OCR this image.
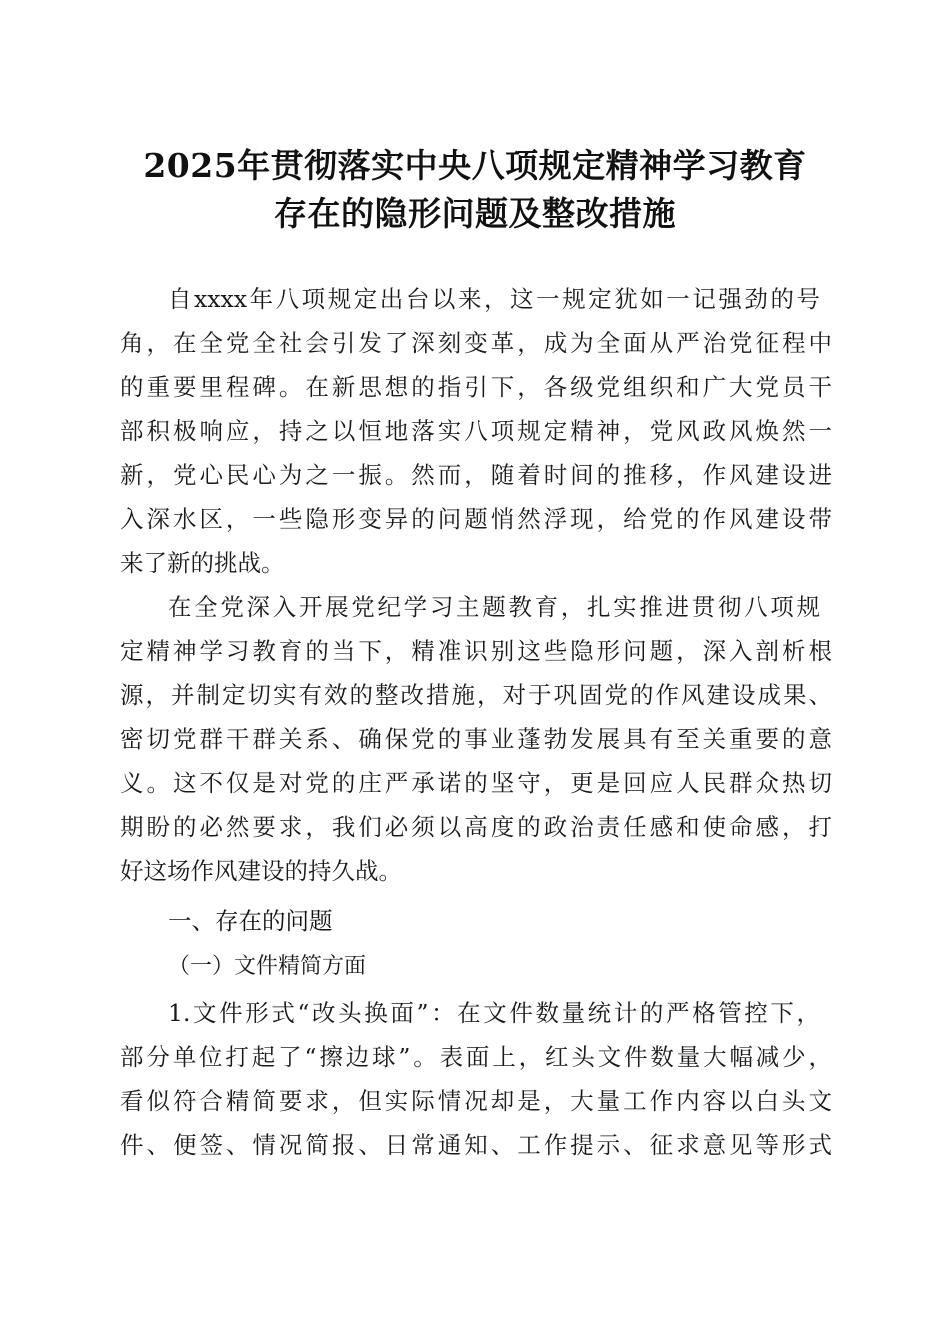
2025年贯彻落实中央八项规定精神学习教育
存在的隐形问题及整改措施
自xxxx年八项规定出台以来，这一规定犹如一记强劲的号
角，在全党全社会引发了深刻变革，成为全面从严治党征程中
的重要里程碑。在新思想的指引下，各级党组织和广大党员干
部积极响应，持之以恒地落实八项规定精神，党风政风焕然一
新，党心民心为之一振。然而，随着时间的推移，作风建设进
入深水区，一些隐形变异的问题悄然浮现，给党的作风建设带
来了新的挑战。
在全党深入开展党纪学习主题教育，扎实推进贯彻八项规
定精神学习教育的当下，精准识别这些隐形问题，深入剖析根
源，并制定切实有效的整改措施，对于巩固党的作风建设成果、
密切党群干群关系、确保党的事业蓬勃发展具有至关重要的意
义。这不仅是对党的庄严承诺的坚守，更是回应人民群众热切
期盼的必然要求，我们必须以高度的政治责任感和使命感，打
好这场作风建设的持久战。
一、存在的问题
（一）文件精简方面
1.文件形式“改头换面”：在文件数量统计的严格管控下，
部分单位打起了“擦边球”。表面上，红头文件数量大幅减少，
看似符合精简要求，但实际情况却是，大量工作内容以白头文
件、便签、情况简报、日常通知、工作提示、征求意见等形式
